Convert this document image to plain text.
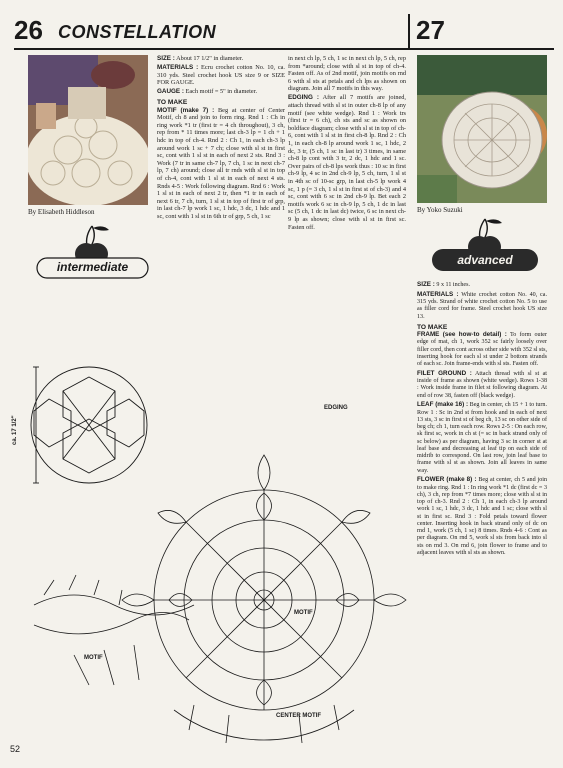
26 CONSTELLATION	27
By Elisabeth Hiddleson
intermediate

SIZE : About 17 1/2" in diameter.

MATERIALS : Ecru crochet cotton No. 10, ca. 310 yds. Steel crochet hook US size 9 or SIZE FOR GAUGE.

GAUGE : Each motif = 5" in diameter.

TO MAKE

MOTIF (make 7) : Beg at center of Center Motif, ch 8 and join to form ring. Rnd 1 : Ch in ring work *1 tr (first tr = 4 ch throughout), 3 ch, rep from * 11 times more; last ch-3 lp = 1 ch + 1 hdc in top of ch-4. Rnd 2 : Ch 1, in each ch-3 lp around work 1 sc + 7 ch; close with sl st in first sc, cont with 1 sl st in each of next 2 sts. Rnd 3 : Work (7 tr in same ch-7 lp, 7 ch, 1 sc in next ch-7 lp, 7 ch) around; close all tr rnds with sl st in top of ch-4, cont with 1 sl st in each of next 4 sts. Rnds 4-5 : Work following diagram. Rnd 6 : Work 1 sl st in each of next 2 tr, then *1 tr in each of next 6 tr, 7 ch, turn, 1 sl st in top of first tr of grp, in last ch-7 lp work 1 sc, 1 hdc, 3 dc, 1 hdc and 1 sc, cont with 1 sl st in 6th tr of grp, 5 ch, 1 sc

in next ch lp, 5 ch, 1 sc in next ch lp, 5 ch, rep from *around; close with sl st in top of ch-4. Fasten off. As of 2nd motif, join motifs on rnd 6 with sl sts at petals and ch lps as shown on diagram. Join all 7 motifs in this way.

EDGING : After all 7 motifs are joined, attach thread with sl st in outer ch-8 lp of any motif (see white wedge). Rnd 1 : Work trs (first tr = 6 ch), ch sts and sc as shown on boldface diagram; close with sl st in top of ch-6, cont with 1 sl st in first ch-8 lp. Rnd 2 : Ch 1, in each ch-8 lp around work 1 sc, 1 hdc, 2 dc, 3 tr, (5 ch, 1 sc in last tr) 3 times, in same ch-8 lp cont with 3 tr, 2 dc, 1 hdc and 1 sc. Over pairs of ch-8 lps work thus : 10 sc in first ch-9 lp, 4 sc in 2nd ch-9 lp, 5 ch, turn, 1 sl st in 4th sc of 10-sc grp, in last ch-5 lp work 4 sc, 1 p (= 3 ch, 1 sl st in first st of ch-3) and 4 sc, cont with 6 sc in 2nd ch-9 lp. Bet each 2 motifs work 6 sc in ch-9 lp, 5 ch, 1 dc in last sc (5 ch, 1 dc in last dc) twice, 6 sc in next ch-9 lp as shown; close with sl st in first sc. Fasten off.

By Yoko Suzuki
advanced

SIZE : 9 x 11 inches.

MATERIALS : White crochet cotton No. 40, ca. 315 yds. Strand of white crochet cotton No. 5 to use as filler cord for frame. Steel crochet hook US size 13.

TO MAKE

FRAME (see how-to detail) : To form outer edge of mat, ch 1, work 352 sc fairly loosely over filler cord, then cont across other side with 352 sl sts, inserting hook for each sl st under 2 bottom strands of each sc. Join frame-ends with sl sts. Fasten off.

FILET GROUND : Attach thread with sl st at inside of frame as shown (white wedge). Rows 1-38 : Work inside frame in filet st following diagram. At end of row 38, fasten off (black wedge).

LEAF (make 16) : Beg in center, ch 15 + 1 to turn. Row 1 : Sc in 2nd st from hook and in each of next 13 sts, 3 sc in first st of beg ch, 13 sc on other side of beg ch; ch 1, turn each row. Rows 2-5 : On each row, sk first sc, work in ch st (= sc in back strand only of sc below) as per diagram, having 3 sc in corner st at leaf base and decreasing at leaf tip on each side of midrib to correspond. On last row, join leaf base to frame with sl st as shown. Join all leaves in same way.

FLOWER (make 8) : Beg at center, ch 5 and join to make ring. Rnd 1 : In ring work *1 dc (first dc = 3 ch), 3 ch, rep from *7 times more; close with sl st in top of ch-3. Rnd 2 : Ch 1, in each ch-3 lp around work 1 sc, 1 hdc, 3 dc, 1 hdc and 1 sc; close with sl st in first sc. Rnd 3 : Fold petals toward flower center. Inserting hook in back strand only of dc on rnd 1, work (5 ch, 1 sc) 8 times. Rnds 4-6 : Cont as per diagram. On rnd 5, work sl sts from back into sl sts on rnd 3. On rnd 6, join flower to frame and to adjacent leaves with sl sts as shown.

ca. 17 1/2"
EDGING
MOTIF
MOTIF
CENTER MOTIF
52
